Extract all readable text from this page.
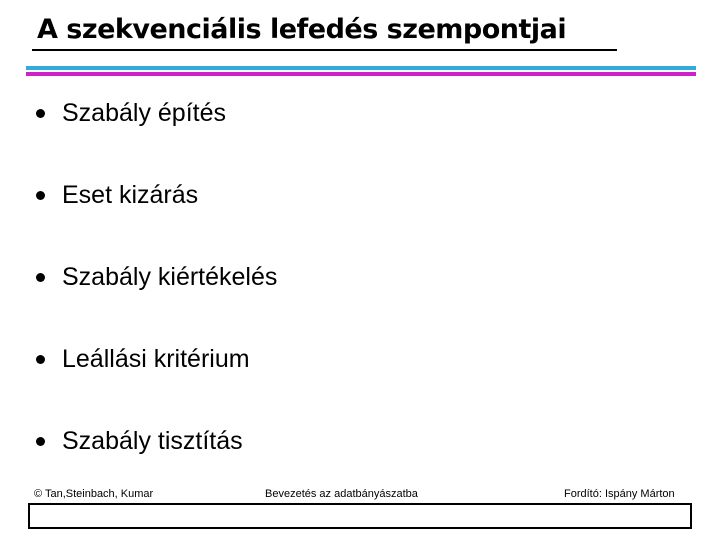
A szekvenciális lefedés szempontjai
Szabály építés
Eset kizárás
Szabály kiértékelés
Leállási kritérium
Szabály tisztítás
© Tan,Steinbach, Kumar	Bevezetés az adatbányászatba	Fordító: Ispány Márton
